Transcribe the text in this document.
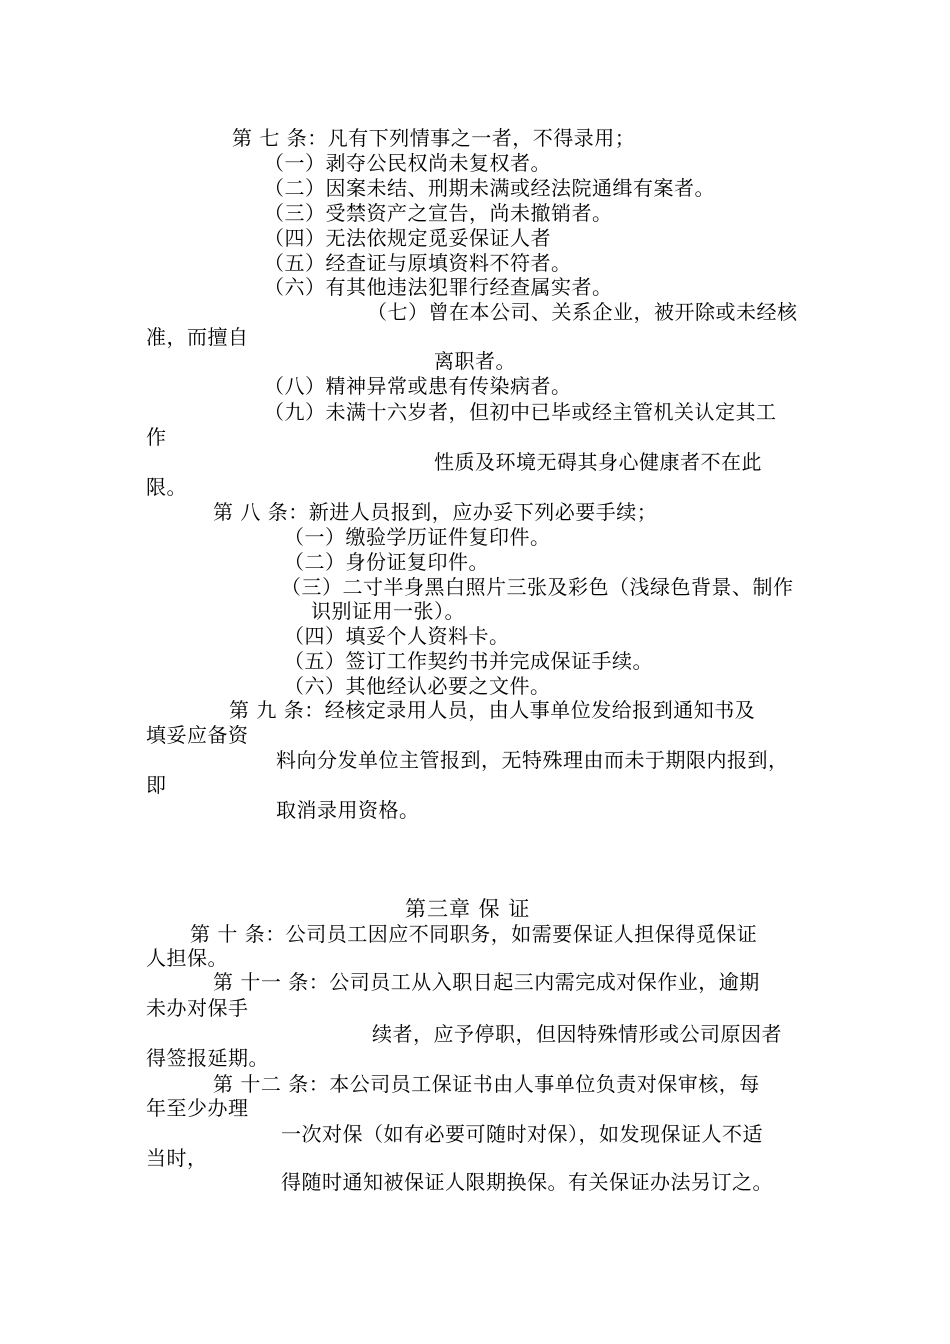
第 七 条：凡有下列情事之一者，不得录用；
（一）剥夺公民权尚未复权者。
（二）因案未结、刑期未满或经法院通缉有案者。
（三）受禁资产之宣告，尚未撤销者。
（四）无法依规定觅妥保证人者
（五）经查证与原填资料不符者。
（六）有其他违法犯罪行经查属实者。
（七）曾在本公司、关系企业，被开除或未经核
准，而擅自
离职者。
（八）精神异常或患有传染病者。
（九）未满十六岁者，但初中已毕或经主管机关认定其工
作
性质及环境无碍其身心健康者不在此
限。
第 八 条：新进人员报到，应办妥下列必要手续；
（一）缴验学历证件复印件。
（二）身份证复印件。
（三）二寸半身黑白照片三张及彩色（浅绿色背景、制作
识别证用一张）。
（四）填妥个人资料卡。
（五）签订工作契约书并完成保证手续。
（六）其他经认必要之文件。
第 九 条：经核定录用人员，由人事单位发给报到通知书及
填妥应备资
料向分发单位主管报到，无特殊理由而未于期限内报到，
即
取消录用资格。
第三章 保 证
第 十 条：公司员工因应不同职务，如需要保证人担保得觅保证
人担保。
第 十一 条：公司员工从入职日起三内需完成对保作业，逾期
未办对保手
续者，应予停职，但因特殊情形或公司原因者
得签报延期。
第 十二 条：本公司员工保证书由人事单位负责对保审核，每
年至少办理
一次对保（如有必要可随时对保），如发现保证人不适
当时，
得随时通知被保证人限期换保。有关保证办法另订之。
